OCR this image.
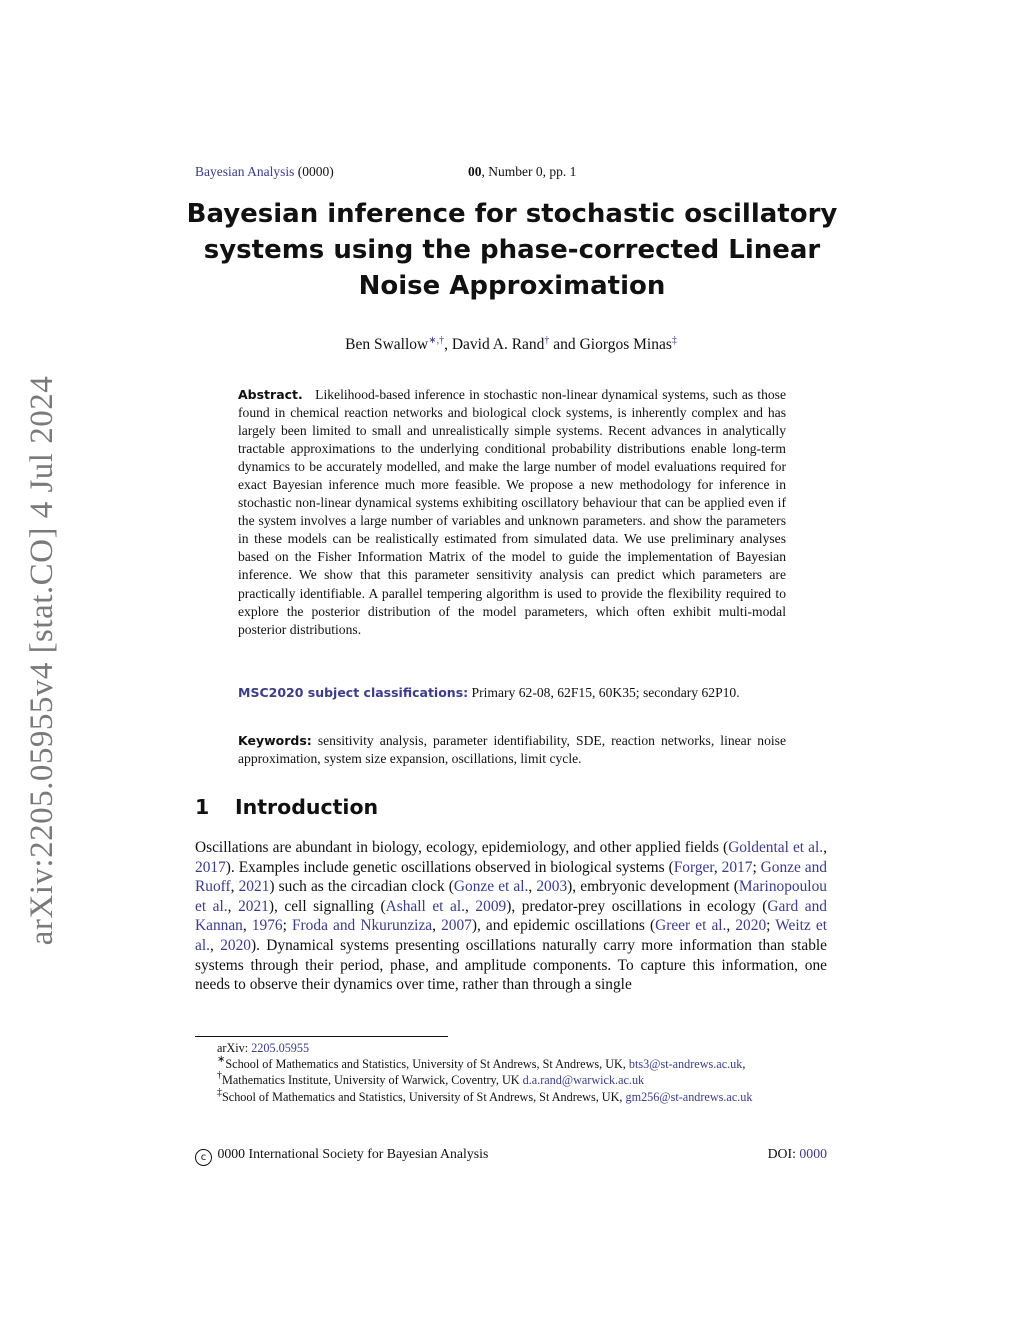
arXiv:2205.05955v4 [stat.CO] 4 Jul 2024
Bayesian Analysis (0000)	00, Number 0, pp. 1
Bayesian inference for stochastic oscillatory systems using the phase-corrected Linear Noise Approximation
Ben Swallow∗,†, David A. Rand† and Giorgos Minas‡
Abstract. Likelihood-based inference in stochastic non-linear dynamical systems, such as those found in chemical reaction networks and biological clock systems, is inherently complex and has largely been limited to small and unrealistically simple systems. Recent advances in analytically tractable approximations to the underlying conditional probability distributions enable long-term dynamics to be accurately modelled, and make the large number of model evaluations required for exact Bayesian inference much more feasible. We propose a new methodology for inference in stochastic non-linear dynamical systems exhibiting oscillatory behaviour that can be applied even if the system involves a large number of variables and unknown parameters. and show the parameters in these models can be realistically estimated from simulated data. We use preliminary analyses based on the Fisher Information Matrix of the model to guide the implementation of Bayesian inference. We show that this parameter sensitivity analysis can predict which parameters are practically identifiable. A parallel tempering algorithm is used to provide the flexibility required to explore the posterior distribution of the model parameters, which often exhibit multi-modal posterior distributions.
MSC2020 subject classifications: Primary 62-08, 62F15, 60K35; secondary 62P10.
Keywords: sensitivity analysis, parameter identifiability, SDE, reaction networks, linear noise approximation, system size expansion, oscillations, limit cycle.
1 Introduction

Oscillations are abundant in biology, ecology, epidemiology, and other applied fields (Goldental et al., 2017). Examples include genetic oscillations observed in biological systems (Forger, 2017; Gonze and Ruoff, 2021) such as the circadian clock (Gonze et al., 2003), embryonic development (Marinopoulou et al., 2021), cell signalling (Ashall et al., 2009), predator-prey oscillations in ecology (Gard and Kannan, 1976; Froda and Nkurunziza, 2007), and epidemic oscillations (Greer et al., 2020; Weitz et al., 2020). Dynamical systems presenting oscillations naturally carry more information than stable systems through their period, phase, and amplitude components. To capture this information, one needs to observe their dynamics over time, rather than through a single

arXiv: 2205.05955

∗School of Mathematics and Statistics, University of St Andrews, St Andrews, UK, bts3@st-andrews.ac.uk,

†Mathematics Institute, University of Warwick, Coventry, UK d.a.rand@warwick.ac.uk

‡School of Mathematics and Statistics, University of St Andrews, St Andrews, UK, gm256@st-andrews.ac.uk

c 0000 International Society for Bayesian Analysis	DOI: 0000
